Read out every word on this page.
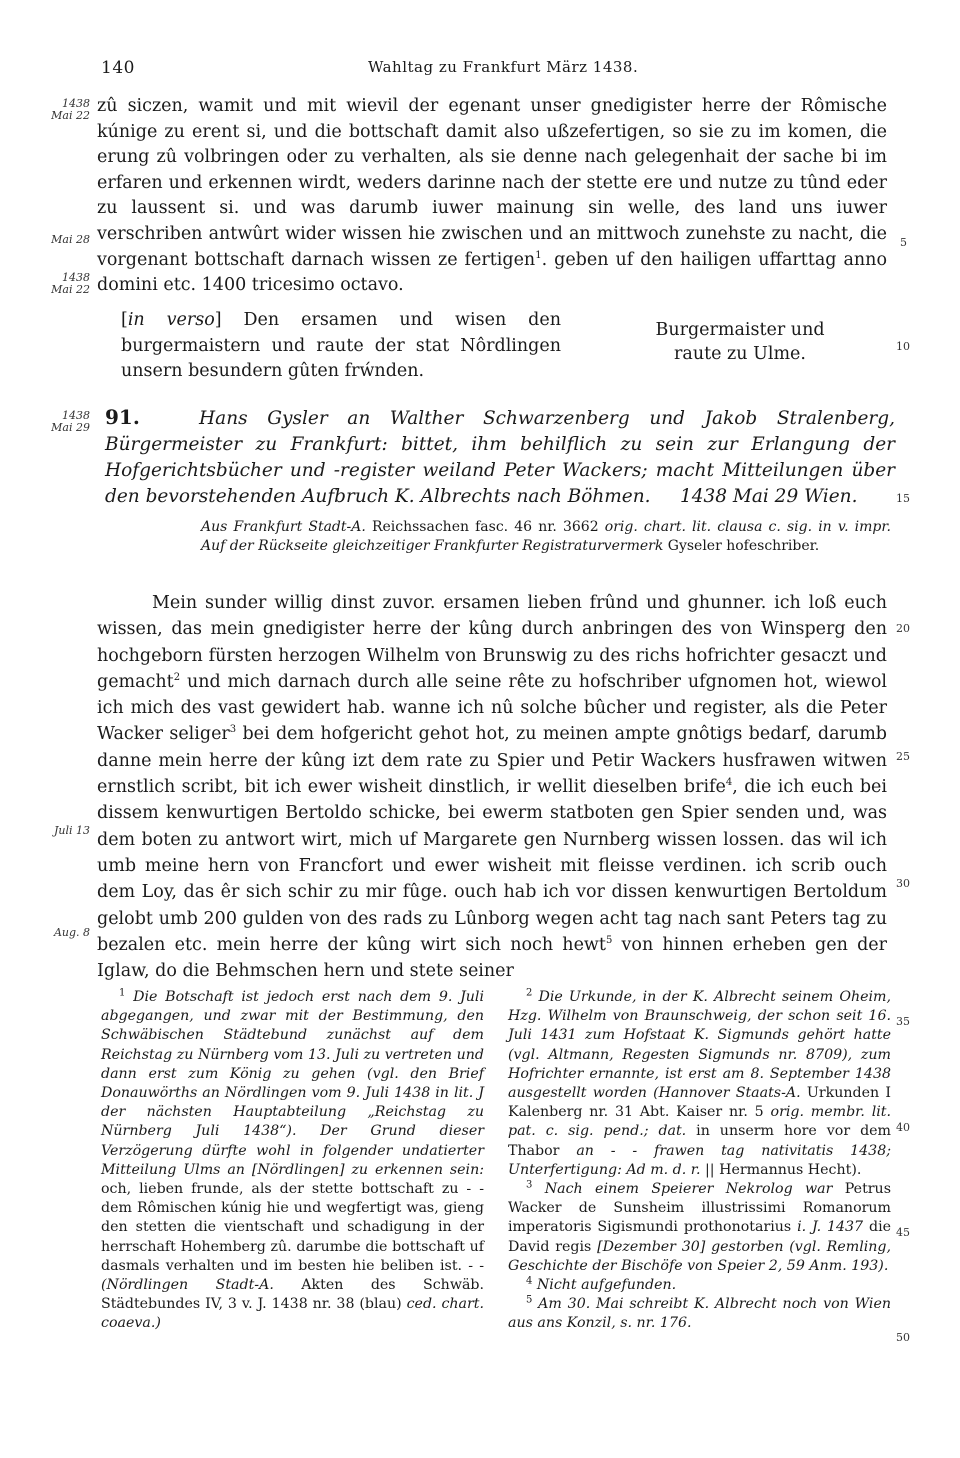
140	Wahltag zu Frankfurt März 1438.
1438 Mai 22
Mai 28
1438 Mai 22
1438 Mai 29
Juli 13
Aug. 8
5
10
15
20
25
30
35
40
45
50

zû siczen, wamit und mit wievil der egenant unser gnedigister herre der Rômische kúnige zu erent si, und die bottschaft damit also ußzefertigen, so sie zu im komen, die erung zû volbringen oder zu verhalten, als sie denne nach gelegenhait der sache bi im erfaren und erkennen wirdt, weders darinne nach der stette ere und nutze zu tûnd eder zu laussent si. und was darumb iuwer mainung sin welle, des land uns iuwer verschriben antwûrt wider wissen hie zwischen und an mittwoch zunehste zu nacht, die vorgenant bottschaft darnach wissen ze fertigen$^1$. geben uf den hailigen uffarttag anno domini etc. 1400 tricesimo octavo.

[in verso] Den ersamen und wisen den burgermaistern und raute der stat Nôrdlingen unsern besundern gûten frẃnden.
Burgermaister und raute zu Ulme.
91.	Hans Gysler an Walther Schwarzenberg und Jakob Stralenberg, Bürgermeister zu Frankfurt: bittet, ihm behilflich zu sein zur Erlangung der Hofgerichtsbücher und -register weiland Peter Wackers; macht Mitteilungen über den bevorstehenden Aufbruch K. Albrechts nach Böhmen. 1438 Mai 29 Wien.
Aus Frankfurt Stadt-A. Reichssachen fasc. 46 nr. 3662 orig. chart. lit. clausa c. sig. in v. impr. Auf der Rückseite gleichzeitiger Frankfurter Registraturvermerk Gyseler hofeschriber.
Mein sunder willig dinst zuvor. ersamen lieben frûnd und ghunner. ich loß euch wissen, das mein gnedigister herre der kûng durch anbringen des von Winsperg den hochgeborn fürsten herzogen Wilhelm von Brunswig zu des richs hofrichter gesaczt und gemacht$^2$ und mich darnach durch alle seine rête zu hofschriber ufgnomen hot, wiewol ich mich des vast gewidert hab. wanne ich nû solche bûcher und register, als die Peter Wacker seliger$^3$ bei dem hofgericht gehot hot, zu meinen ampte gnôtigs bedarf, darumb danne mein herre der kûng izt dem rate zu Spier und Petir Wackers husfrawen witwen ernstlich scribt, bit ich ewer wisheit dinstlich, ir wellit dieselben brife$^4$, die ich euch bei dissem kenwurtigen Bertoldo schicke, bei ewerm statboten gen Spier senden und, was dem boten zu antwort wirt, mich uf Margarete gen Nurnberg wissen lossen. das wil ich umb meine hern von Francfort und ewer wisheit mit fleisse verdinen. ich scrib ouch dem Loy, das êr sich schir zu mir fûge. ouch hab ich vor dissen kenwurtigen Bertoldum gelobt umb 200 gulden von des rads zu Lûnborg wegen acht tag nach sant Peters tag zu bezalen etc. mein herre der kûng wirt sich noch hewt$^5$ von hinnen erheben gen der Iglaw, do die Behmschen hern und stete seiner

$^1$ Die Botschaft ist jedoch erst nach dem 9. Juli abgegangen, und zwar mit der Bestimmung, den Schwäbischen Städtebund zunächst auf dem Reichstag zu Nürnberg vom 13. Juli zu vertreten und dann erst zum König zu gehen (vgl. den Brief Donauwörths an Nördlingen vom 9. Juli 1438 in lit. J der nächsten Hauptabteilung „Reichstag zu Nürnberg Juli 1438“). Der Grund dieser Verzögerung dürfte wohl in folgender undatierter Mitteilung Ulms an [Nördlingen] zu erkennen sein: och, lieben frunde, als der stette bottschaft zu - - dem Rômischen kúnig hie und wegfertigt was, gieng den stetten die vientschaft und schadigung in der herrschaft Hohemberg zû. darumbe die bottschaft uf dasmals verhalten und im besten hie beliben ist. - - (Nördlingen Stadt-A. Akten des Schwäb. Städtebundes IV, 3 v. J. 1438 nr. 38 (blau) ced. chart. coaeva.)

$^2$ Die Urkunde, in der K. Albrecht seinem Oheim, Hzg. Wilhelm von Braunschweig, der schon seit 16. Juli 1431 zum Hofstaat K. Sigmunds gehört hatte (vgl. Altmann, Regesten Sigmunds nr. 8709), zum Hofrichter ernannte, ist erst am 8. September 1438 ausgestellt worden (Hannover Staats-A. Urkunden I Kalenberg nr. 31 Abt. Kaiser nr. 5 orig. membr. lit. pat. c. sig. pend.; dat. in unserm hore vor dem Thabor an - - frawen tag nativitatis 1438; Unterfertigung: Ad m. d. r. || Hermannus Hecht).

$^3$ Nach einem Speierer Nekrolog war Petrus Wacker de Sunsheim illustrissimi Romanorum imperatoris Sigismundi prothonotarius i. J. 1437 die David regis [Dezember 30] gestorben (vgl. Remling, Geschichte der Bischöfe von Speier 2, 59 Anm. 193).

$^4$ Nicht aufgefunden.

$^5$ Am 30. Mai schreibt K. Albrecht noch von Wien aus ans Konzil, s. nr. 176.
